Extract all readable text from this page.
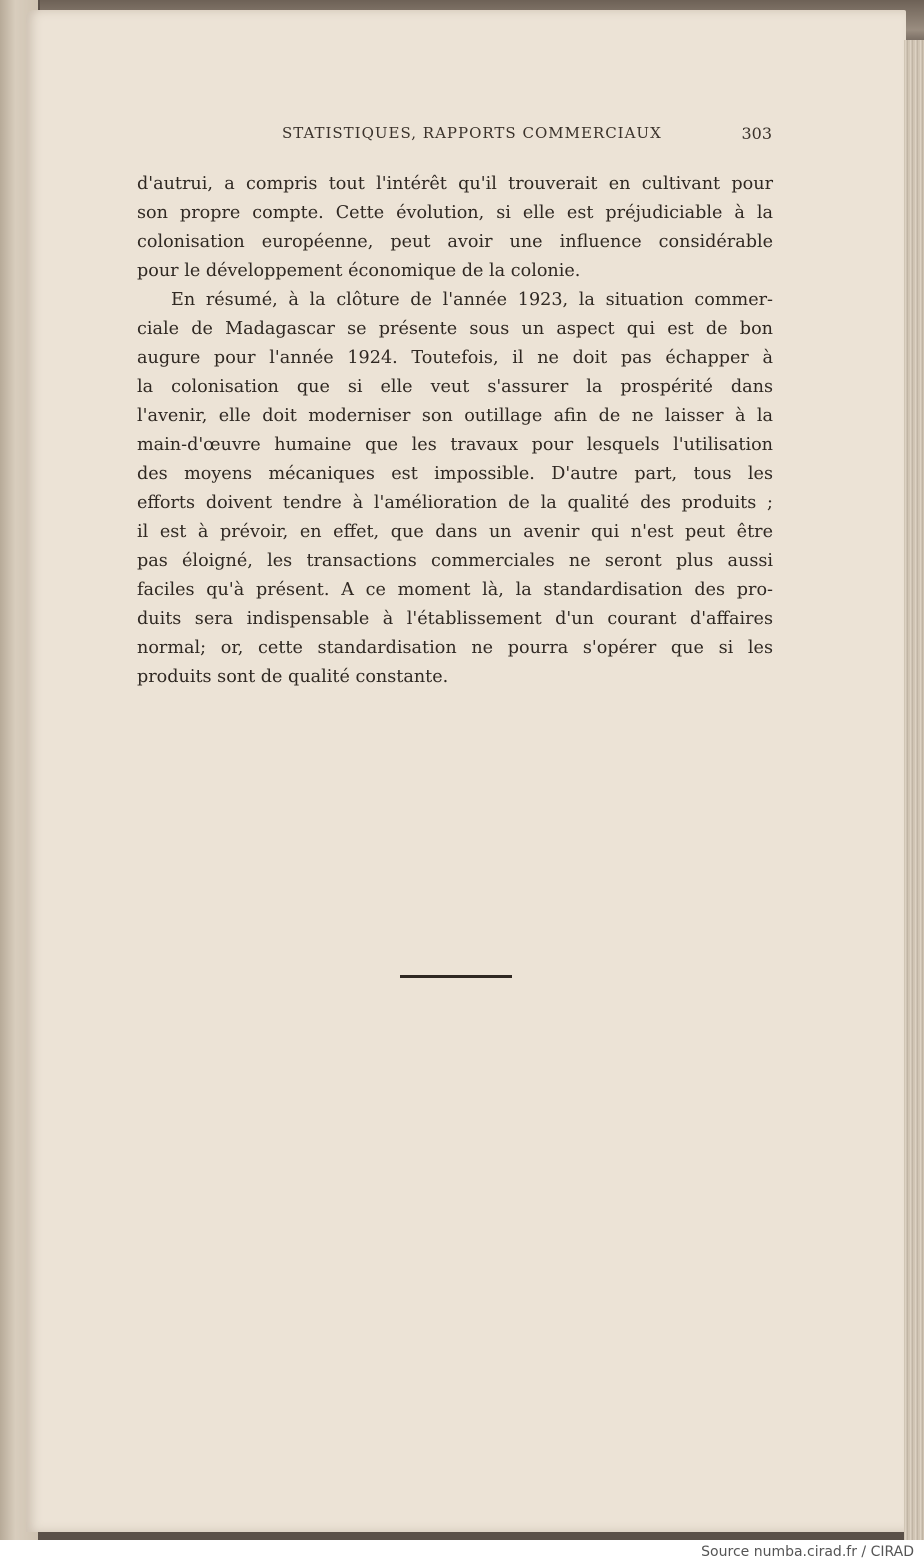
STATISTIQUES, RAPPORTS COMMERCIAUX	303
d'autrui, a compris tout l'intérêt qu'il trouverait en cultivant pour
son propre compte. Cette évolution, si elle est préjudiciable à la
colonisation européenne, peut avoir une influence considérable
pour le développement économique de la colonie.
En résumé, à la clôture de l'année 1923, la situation commer-
ciale de Madagascar se présente sous un aspect qui est de bon
augure pour l'année 1924. Toutefois, il ne doit pas échapper à
la colonisation que si elle veut s'assurer la prospérité dans
l'avenir, elle doit moderniser son outillage afin de ne laisser à la
main-d'œuvre humaine que les travaux pour lesquels l'utilisation
des moyens mécaniques est impossible. D'autre part, tous les
efforts doivent tendre à l'amélioration de la qualité des produits ;
il est à prévoir, en effet, que dans un avenir qui n'est peut être
pas éloigné, les transactions commerciales ne seront plus aussi
faciles qu'à présent. A ce moment là, la standardisation des pro-
duits sera indispensable à l'établissement d'un courant d'affaires
normal; or, cette standardisation ne pourra s'opérer que si les
produits sont de qualité constante.
Source numba.cirad.fr / CIRAD
